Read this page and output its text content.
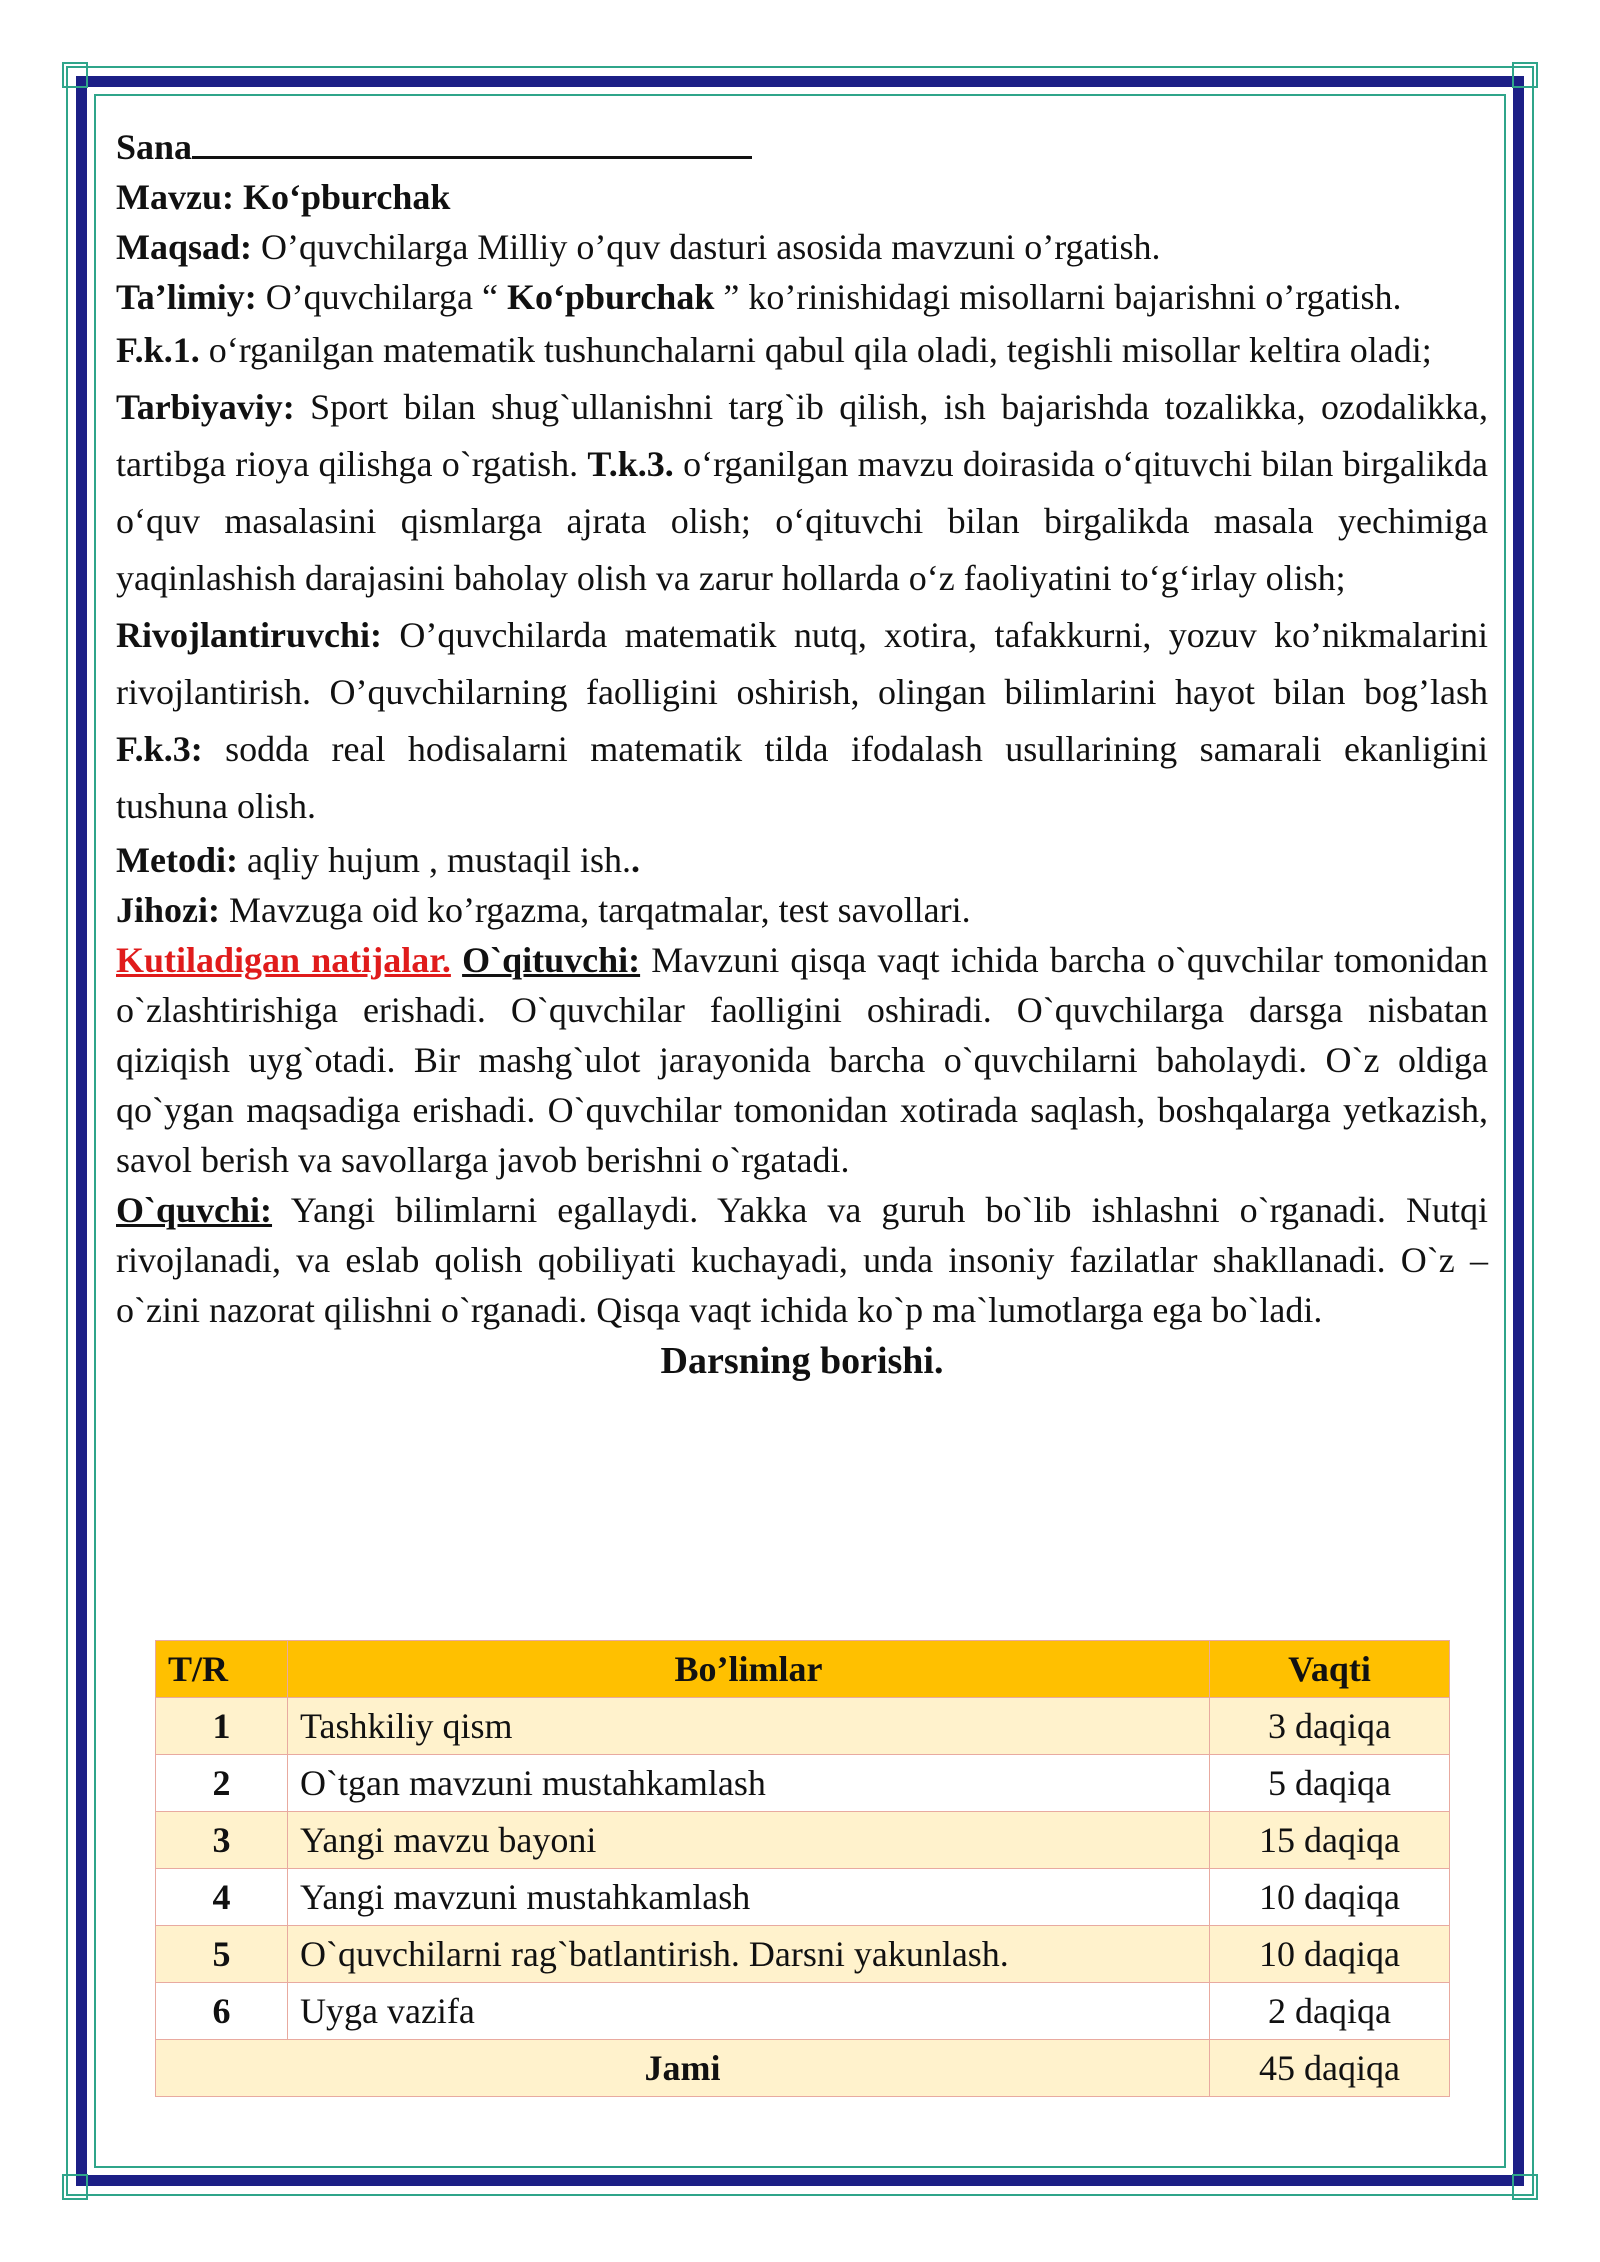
Sana

Mavzu: Ko‘pburchak

Maqsad: O’quvchilarga Milliy o’quv dasturi asosida mavzuni o’rgatish.

Ta’limiy: O’quvchilarga “ Ko‘pburchak ” ko’rinishidagi misollarni bajarishni o’rgatish.

F.k.1. o‘rganilgan matematik tushunchalarni qabul qila oladi, tegishli misollar keltira oladi;

Tarbiyaviy: Sport bilan shug`ullanishni targ`ib qilish, ish bajarishda tozalikka, ozodalikka, tartibga rioya qilishga o`rgatish. T.k.3. o‘rganilgan mavzu doirasida o‘qituvchi bilan birgalikda o‘quv masalasini qismlarga ajrata olish; o‘qituvchi bilan birgalikda masala yechimiga yaqinlashish darajasini baholay olish va zarur hollarda o‘z faoliyatini to‘g‘irlay olish;

Rivojlantiruvchi: O’quvchilarda matematik nutq, xotira, tafakkurni, yozuv ko’nikmalarini rivojlantirish. O’quvchilarning faolligini oshirish, olingan bilimlarini hayot bilan bog’lash F.k.3: sodda real hodisalarni matematik tilda ifodalash usullarining samarali ekanligini tushuna olish.

Metodi: aqliy hujum , mustaqil ish..

Jihozi: Mavzuga oid ko’rgazma, tarqatmalar, test savollari.

Kutiladigan natijalar. O`qituvchi: Mavzuni qisqa vaqt ichida barcha o`quvchilar tomonidan o`zlashtirishiga erishadi. O`quvchilar faolligini oshiradi. O`quvchilarga darsga nisbatan qiziqish uyg`otadi. Bir mashg`ulot jarayonida barcha o`quvchilarni baholaydi. O`z oldiga qo`ygan maqsadiga erishadi. O`quvchilar tomonidan xotirada saqlash, boshqalarga yetkazish, savol berish va savollarga javob berishni o`rgatadi.

O`quvchi: Yangi bilimlarni egallaydi. Yakka va guruh bo`lib ishlashni o`rganadi. Nutqi rivojlanadi, va eslab qolish qobiliyati kuchayadi, unda insoniy fazilatlar shakllanadi. O`z – o`zini nazorat qilishni o`rganadi. Qisqa vaqt ichida ko`p ma`lumotlarga ega bo`ladi.

Darsning borishi.

T/R	Bo’limlar	Vaqti
1	Tashkiliy qism	3 daqiqa
2	O`tgan mavzuni mustahkamlash	5 daqiqa
3	Yangi mavzu bayoni	15 daqiqa
4	Yangi mavzuni mustahkamlash	10 daqiqa
5	O`quvchilarni rag`batlantirish. Darsni yakunlash.	10 daqiqa
6	Uyga vazifa	2 daqiqa
Jami		45 daqiqa
